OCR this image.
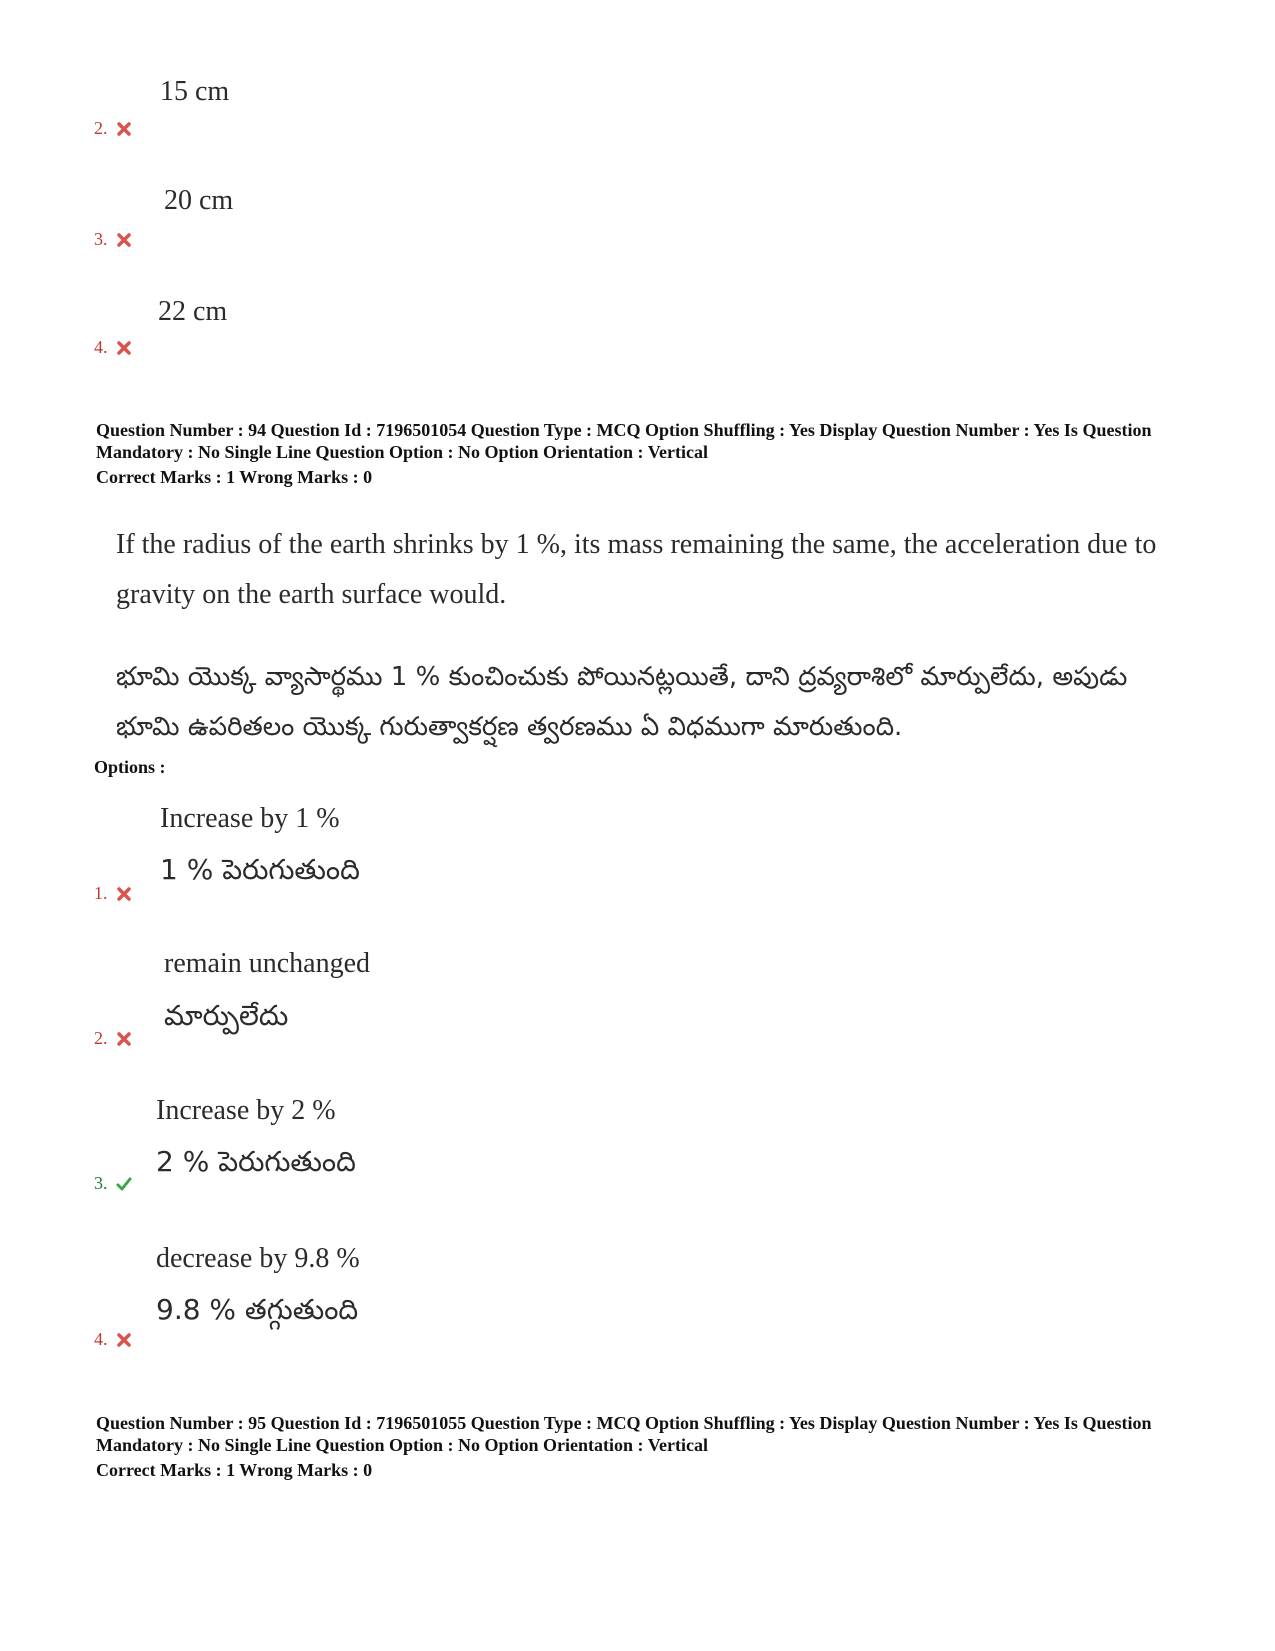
15 cm
2.
20 cm
3.
22 cm
4.
Question Number : 94 Question Id : 7196501054 Question Type : MCQ Option Shuffling : Yes Display Question Number : Yes Is Question Mandatory : No Single Line Question Option : No Option Orientation : Vertical
Correct Marks : 1 Wrong Marks : 0
If the radius of the earth shrinks by 1 %, its mass remaining the same, the acceleration due to gravity on the earth surface would.
భూమి యొక్క వ్యాసార్థము 1 % కుంచించుకు పోయినట్లయితే, దాని ద్రవ్యరాశిలో మార్పులేదు, అపుడు భూమి ఉపరితలం యొక్క గురుత్వాకర్షణ త్వరణము ఏ విధముగా మారుతుంది.
Options :
Increase by 1 %
1 % పెరుగుతుంది
1.
remain unchanged
మార్పులేదు
2.
Increase by 2 %
2 % పెరుగుతుంది
3.
decrease by 9.8 %
9.8 % తగ్గుతుంది
4.
Question Number : 95 Question Id : 7196501055 Question Type : MCQ Option Shuffling : Yes Display Question Number : Yes Is Question Mandatory : No Single Line Question Option : No Option Orientation : Vertical
Correct Marks : 1 Wrong Marks : 0
